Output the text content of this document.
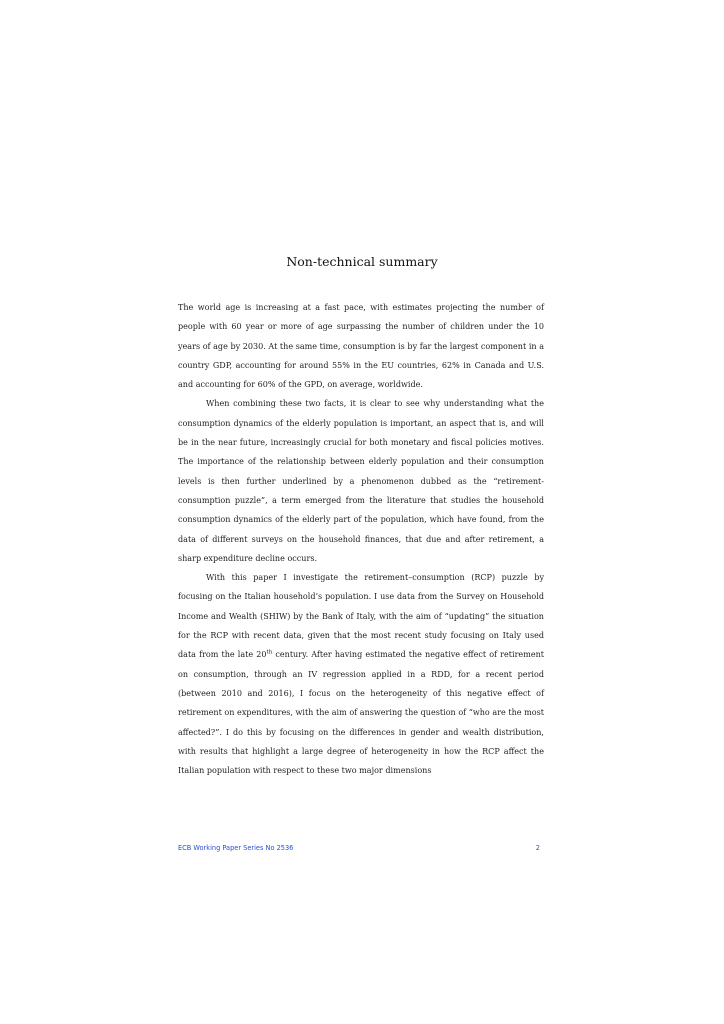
Non-technical summary

The world age is increasing at a fast pace, with estimates projecting the number of people with 60 year or more of age surpassing the number of children under the 10 years of age by 2030. At the same time, consumption is by far the largest component in a country GDP, accounting for around 55% in the EU countries, 62% in Canada and U.S. and accounting for 60% of the GPD, on average, worldwide.

When combining these two facts, it is clear to see why understanding what the consumption dynamics of the elderly population is important, an aspect that is, and will be in the near future, increasingly crucial for both monetary and fiscal policies motives. The importance of the relationship between elderly population and their consumption levels is then further underlined by a phenomenon dubbed as the “retirement-consumption puzzle”, a term emerged from the literature that studies the household consumption dynamics of the elderly part of the population, which have found, from the data of different surveys on the household finances, that due and after retirement, a sharp expenditure decline occurs.

With this paper I investigate the retirement–consumption (RCP) puzzle by focusing on the Italian household’s population. I use data from the Survey on Household Income and Wealth (SHIW) by the Bank of Italy, with the aim of “updating” the situation for the RCP with recent data, given that the most recent study focusing on Italy used data from the late 20th century. After having estimated the negative effect of retirement on consumption, through an IV regression applied in a RDD, for a recent period (between 2010 and 2016), I focus on the heterogeneity of this negative effect of retirement on expenditures, with the aim of answering the question of “who are the most affected?”. I do this by focusing on the differences in gender and wealth distribution, with results that highlight a large degree of heterogeneity in how the RCP affect the Italian population with respect to these two major dimensions

ECB Working Paper Series No 2536	2
